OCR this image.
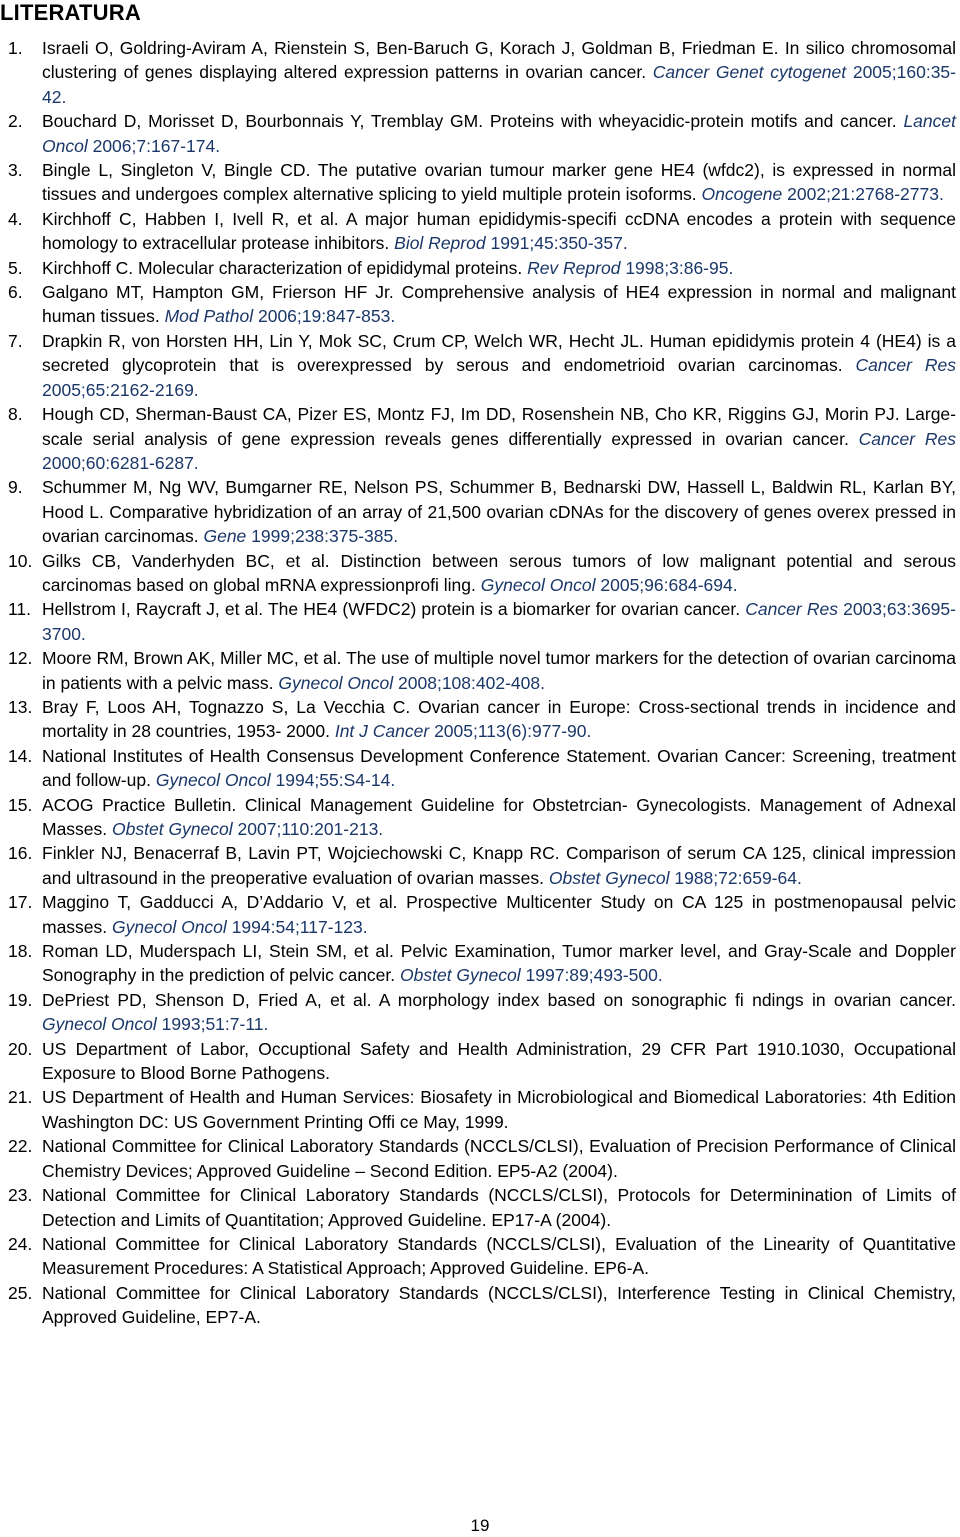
LITERATURA
1. Israeli O, Goldring-Aviram A, Rienstein S, Ben-Baruch G, Korach J, Goldman B, Friedman E. In silico chromosomal clustering of genes displaying altered expression patterns in ovarian cancer. Cancer Genet cytogenet 2005;160:35-42.
2. Bouchard D, Morisset D, Bourbonnais Y, Tremblay GM. Proteins with wheyacidic-protein motifs and cancer. Lancet Oncol 2006;7:167-174.
3. Bingle L, Singleton V, Bingle CD. The putative ovarian tumour marker gene HE4 (wfdc2), is expressed in normal tissues and undergoes complex alternative splicing to yield multiple protein isoforms. Oncogene 2002;21:2768-2773.
4. Kirchhoff C, Habben I, Ivell R, et al. A major human epididymis-specifi ccDNA encodes a protein with sequence homology to extracellular protease inhibitors. Biol Reprod 1991;45:350-357.
5. Kirchhoff C. Molecular characterization of epididymal proteins. Rev Reprod 1998;3:86-95.
6. Galgano MT, Hampton GM, Frierson HF Jr. Comprehensive analysis of HE4 expression in normal and malignant human tissues. Mod Pathol 2006;19:847-853.
7. Drapkin R, von Horsten HH, Lin Y, Mok SC, Crum CP, Welch WR, Hecht JL. Human epididymis protein 4 (HE4) is a secreted glycoprotein that is overexpressed by serous and endometrioid ovarian carcinomas. Cancer Res 2005;65:2162-2169.
8. Hough CD, Sherman-Baust CA, Pizer ES, Montz FJ, Im DD, Rosenshein NB, Cho KR, Riggins GJ, Morin PJ. Large-scale serial analysis of gene expression reveals genes differentially expressed in ovarian cancer. Cancer Res 2000;60:6281-6287.
9. Schummer M, Ng WV, Bumgarner RE, Nelson PS, Schummer B, Bednarski DW, Hassell L, Baldwin RL, Karlan BY, Hood L. Comparative hybridization of an array of 21,500 ovarian cDNAs for the discovery of genes overex pressed in ovarian carcinomas. Gene 1999;238:375-385.
10. Gilks CB, Vanderhyden BC, et al. Distinction between serous tumors of low malignant potential and serous carcinomas based on global mRNA expressionprofi ling. Gynecol Oncol 2005;96:684-694.
11. Hellstrom I, Raycraft J, et al. The HE4 (WFDC2) protein is a biomarker for ovarian cancer. Cancer Res 2003;63:3695-3700.
12. Moore RM, Brown AK, Miller MC, et al. The use of multiple novel tumor markers for the detection of ovarian carcinoma in patients with a pelvic mass. Gynecol Oncol 2008;108:402-408.
13. Bray F, Loos AH, Tognazzo S, La Vecchia C. Ovarian cancer in Europe: Cross-sectional trends in incidence and mortality in 28 countries, 1953- 2000. Int J Cancer 2005;113(6):977-90.
14. National Institutes of Health Consensus Development Conference Statement. Ovarian Cancer: Screening, treatment and follow-up. Gynecol Oncol 1994;55:S4-14.
15. ACOG Practice Bulletin. Clinical Management Guideline for Obstetrcian- Gynecologists. Management of Adnexal Masses. Obstet Gynecol 2007;110:201-213.
16. Finkler NJ, Benacerraf B, Lavin PT, Wojciechowski C, Knapp RC. Comparison of serum CA 125, clinical impression and ultrasound in the preoperative evaluation of ovarian masses. Obstet Gynecol 1988;72:659-64.
17. Maggino T, Gadducci A, D’Addario V, et al. Prospective Multicenter Study on CA 125 in postmenopausal pelvic masses. Gynecol Oncol 1994:54;117-123.
18. Roman LD, Muderspach LI, Stein SM, et al. Pelvic Examination, Tumor marker level, and Gray-Scale and Doppler Sonography in the prediction of pelvic cancer. Obstet Gynecol 1997:89;493-500.
19. DePriest PD, Shenson D, Fried A, et al. A morphology index based on sonographic fi ndings in ovarian cancer. Gynecol Oncol 1993;51:7-11.
20. US Department of Labor, Occuptional Safety and Health Administration, 29 CFR Part 1910.1030, Occupational Exposure to Blood Borne Pathogens.
21. US Department of Health and Human Services: Biosafety in Microbiological and Biomedical Laboratories: 4th Edition Washington DC: US Government Printing Offi ce May, 1999.
22. National Committee for Clinical Laboratory Standards (NCCLS/CLSI), Evaluation of Precision Performance of Clinical Chemistry Devices; Approved Guideline – Second Edition. EP5-A2 (2004).
23. National Committee for Clinical Laboratory Standards (NCCLS/CLSI), Protocols for Determinination of Limits of Detection and Limits of Quantitation; Approved Guideline. EP17-A (2004).
24. National Committee for Clinical Laboratory Standards (NCCLS/CLSI), Evaluation of the Linearity of Quantitative Measurement Procedures: A Statistical Approach; Approved Guideline. EP6-A.
25. National Committee for Clinical Laboratory Standards (NCCLS/CLSI), Interference Testing in Clinical Chemistry, Approved Guideline, EP7-A.
19
